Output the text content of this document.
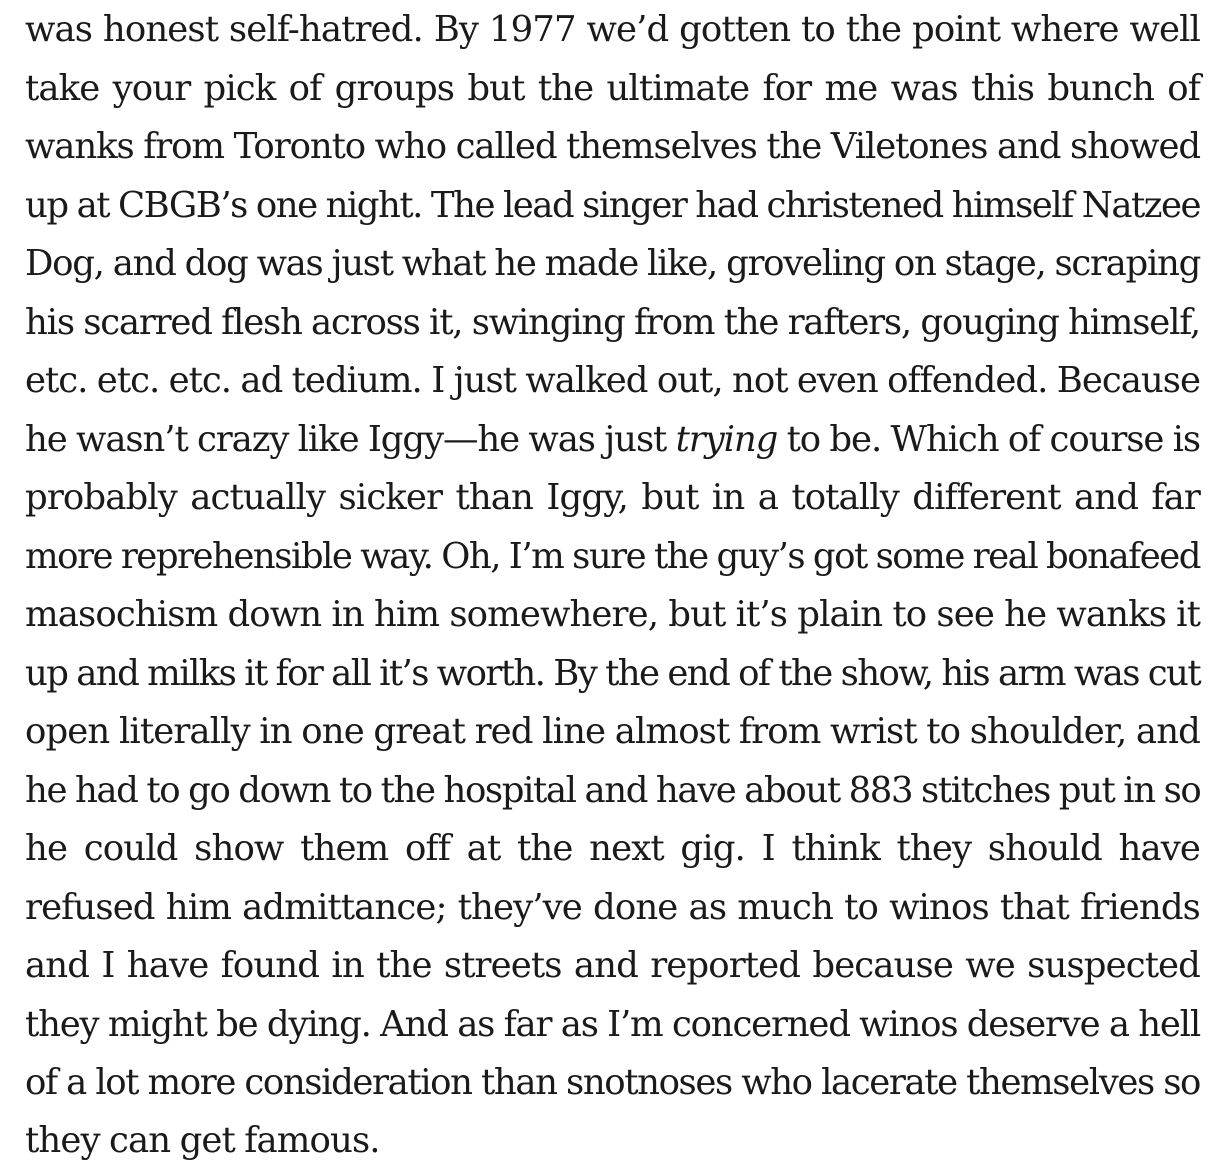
was honest self-hatred. By 1977 we’d gotten to the point where well
take your pick of groups but the ultimate for me was this bunch of
wanks from Toronto who called themselves the Viletones and showed
up at CBGB’s one night. The lead singer had christened himself Natzee
Dog, and dog was just what he made like, groveling on stage, scraping
his scarred flesh across it, swinging from the rafters, gouging himself,
etc. etc. etc. ad tedium. I just walked out, not even offended. Because
he wasn’t crazy like Iggy—he was just trying to be. Which of course is
probably actually sicker than Iggy, but in a totally different and far
more reprehensible way. Oh, I’m sure the guy’s got some real bonafeed
masochism down in him somewhere, but it’s plain to see he wanks it
up and milks it for all it’s worth. By the end of the show, his arm was cut
open literally in one great red line almost from wrist to shoulder, and
he had to go down to the hospital and have about 883 stitches put in so
he could show them off at the next gig. I think they should have
refused him admittance; they’ve done as much to winos that friends
and I have found in the streets and reported because we suspected
they might be dying. And as far as I’m concerned winos deserve a hell
of a lot more consideration than snotnoses who lacerate themselves so
they can get famous.
